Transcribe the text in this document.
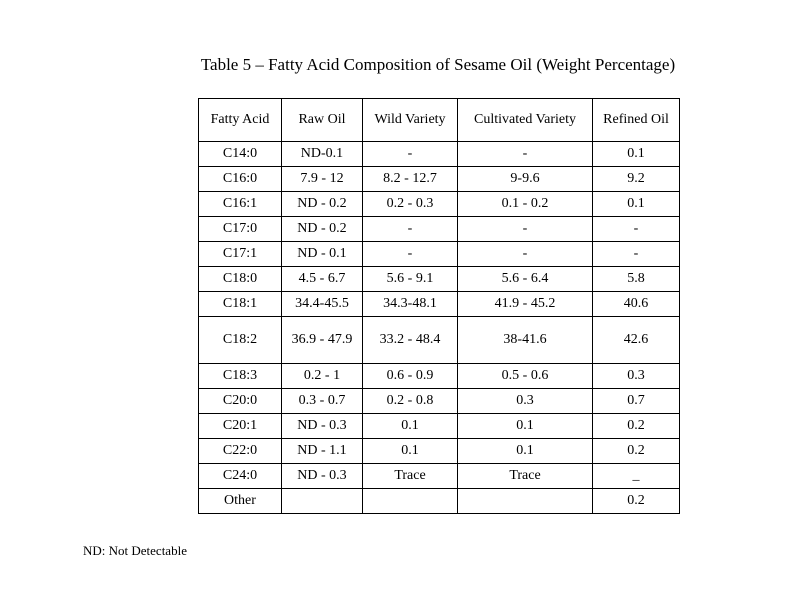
Table 5 – Fatty Acid Composition of Sesame Oil (Weight Percentage)
Fatty Acid	Raw Oil	Wild Variety	Cultivated Variety	Refined Oil
C14:0	ND-0.1	-	-	0.1
C16:0	7.9 - 12	8.2 - 12.7	9-9.6	9.2
C16:1	ND - 0.2	0.2 - 0.3	0.1 - 0.2	0.1
C17:0	ND - 0.2	-	-	-
C17:1	ND - 0.1	-	-	-
C18:0	4.5 - 6.7	5.6 - 9.1	5.6 - 6.4	5.8
C18:1	34.4-45.5	34.3-48.1	41.9 - 45.2	40.6
C18:2	36.9 - 47.9	33.2 - 48.4	38-41.6	42.6
C18:3	0.2 - 1	0.6 - 0.9	0.5 - 0.6	0.3
C20:0	0.3 - 0.7	0.2 - 0.8	0.3	0.7
C20:1	ND - 0.3	0.1	0.1	0.2
C22:0	ND - 1.1	0.1	0.1	0.2
C24:0	ND - 0.3	Trace	Trace	_
Other				0.2
ND: Not Detectable
